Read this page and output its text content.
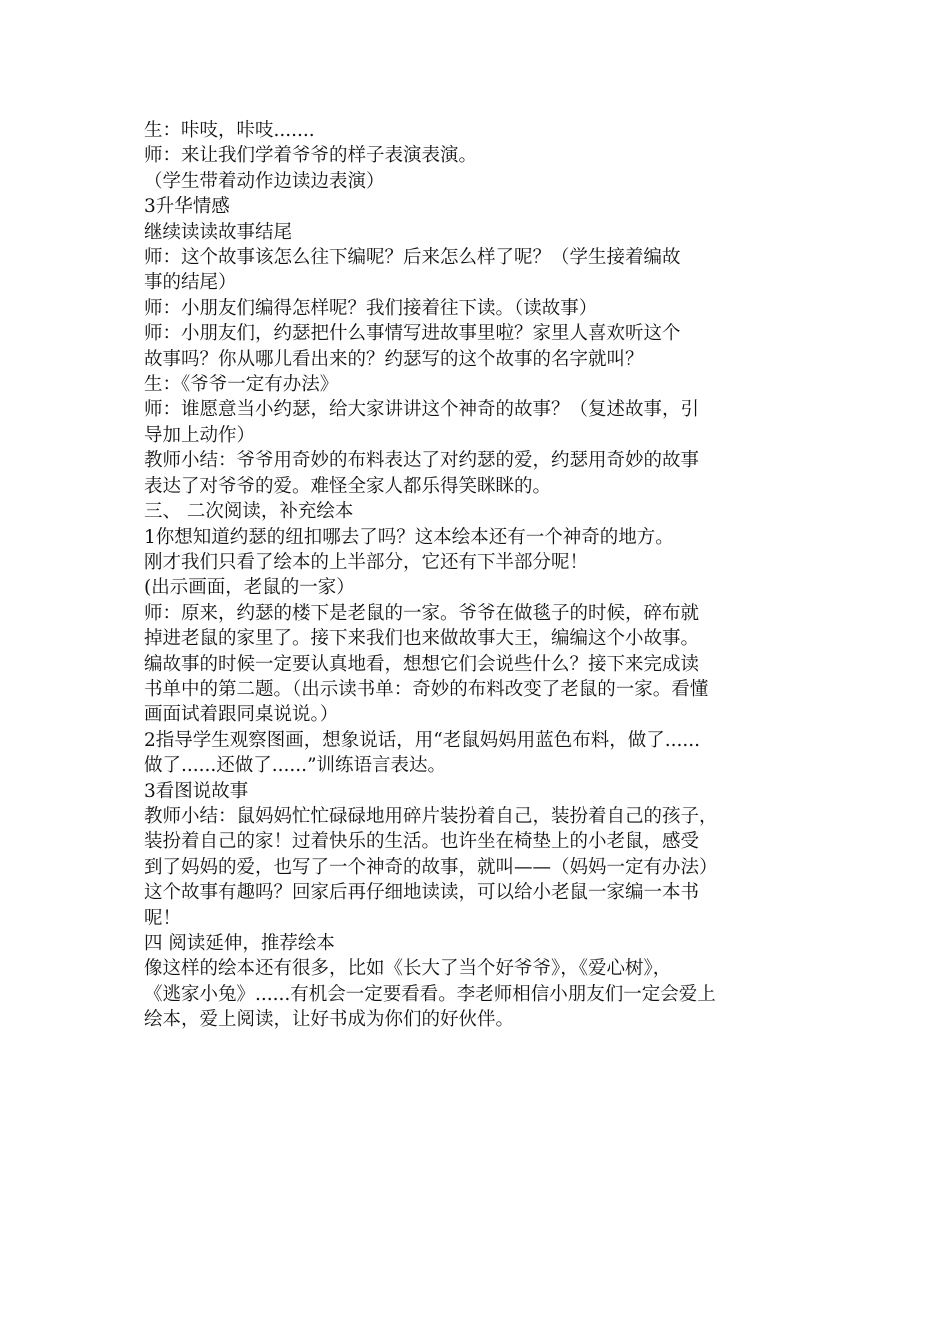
生：咔吱，咔吱.......
师：来让我们学着爷爷的样子表演表演。
（学生带着动作边读边表演）
3升华情感
继续读读故事结尾
师：这个故事该怎么往下编呢？后来怎么样了呢？（学生接着编故
事的结尾）
师：小朋友们编得怎样呢？我们接着往下读。（读故事）
师：小朋友们，约瑟把什么事情写进故事里啦？家里人喜欢听这个
故事吗？你从哪儿看出来的？约瑟写的这个故事的名字就叫？
生：《爷爷一定有办法》
师：谁愿意当小约瑟，给大家讲讲这个神奇的故事？（复述故事，引
导加上动作）
教师小结：爷爷用奇妙的布料表达了对约瑟的爱，约瑟用奇妙的故事
表达了对爷爷的爱。难怪全家人都乐得笑眯眯的。
三、 二次阅读，补充绘本
1你想知道约瑟的纽扣哪去了吗？这本绘本还有一个神奇的地方。
刚才我们只看了绘本的上半部分，它还有下半部分呢！
(出示画面，老鼠的一家）
师：原来，约瑟的楼下是老鼠的一家。爷爷在做毯子的时候，碎布就
掉进老鼠的家里了。接下来我们也来做故事大王，编编这个小故事。
编故事的时候一定要认真地看，想想它们会说些什么？接下来完成读
书单中的第二题。（出示读书单：奇妙的布料改变了老鼠的一家。看懂
画面试着跟同桌说说。）
2指导学生观察图画，想象说话，用“老鼠妈妈用蓝色布料，做了......
做了......还做了......”训练语言表达。
3看图说故事
教师小结：鼠妈妈忙忙碌碌地用碎片装扮着自己，装扮着自己的孩子，
装扮着自己的家！过着快乐的生活。也许坐在椅垫上的小老鼠，感受
到了妈妈的爱，也写了一个神奇的故事，就叫——（妈妈一定有办法）
这个故事有趣吗？回家后再仔细地读读，可以给小老鼠一家编一本书
呢！
四 阅读延伸，推荐绘本
像这样的绘本还有很多，比如《长大了当个好爷爷》，《爱心树》，
《逃家小兔》......有机会一定要看看。李老师相信小朋友们一定会爱上
绘本，爱上阅读，让好书成为你们的好伙伴。
